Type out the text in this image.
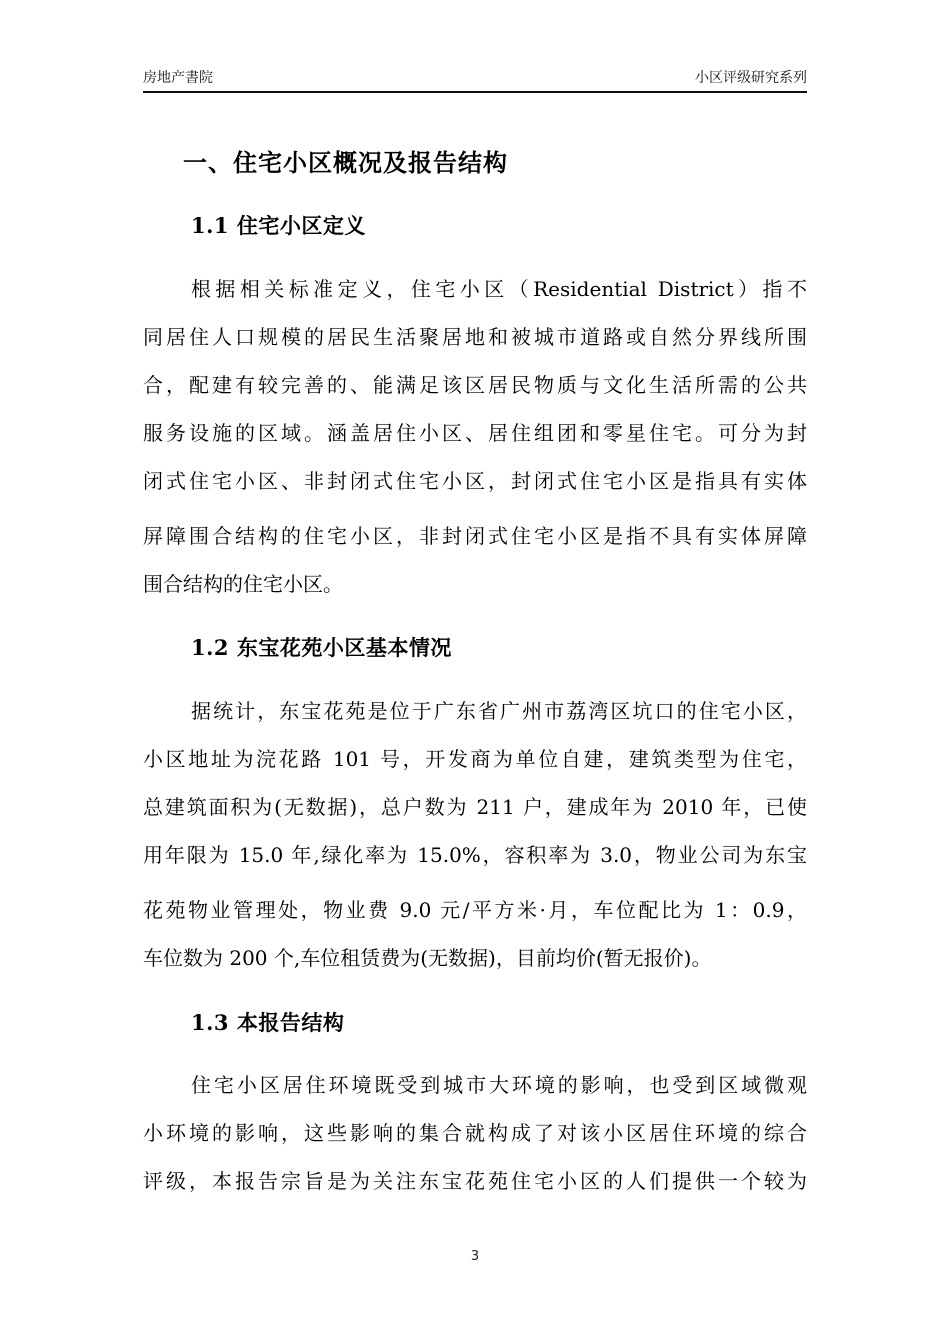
房地产書院	小区评级研究系列
一、住宅小区概况及报告结构
1.1 住宅小区定义
根据相关标准定义，住宅小区（Residential District）指不
同居住人口规模的居民生活聚居地和被城市道路或自然分界线所围
合，配建有较完善的、能满足该区居民物质与文化生活所需的公共
服务设施的区域。涵盖居住小区、居住组团和零星住宅。可分为封
闭式住宅小区、非封闭式住宅小区，封闭式住宅小区是指具有实体
屏障围合结构的住宅小区，非封闭式住宅小区是指不具有实体屏障
围合结构的住宅小区。
1.2 东宝花苑小区基本情况
据统计，东宝花苑是位于广东省广州市荔湾区坑口的住宅小区，
小区地址为浣花路 101 号，开发商为单位自建，建筑类型为住宅，
总建筑面积为(无数据)，总户数为 211 户，建成年为 2010 年，已使
用年限为 15.0 年,绿化率为 15.0%，容积率为 3.0，物业公司为东宝
花苑物业管理处，物业费 9.0 元/平方米·月，车位配比为 1：0.9，
车位数为 200 个,车位租赁费为(无数据)，目前均价(暂无报价)。
1.3 本报告结构
住宅小区居住环境既受到城市大环境的影响，也受到区域微观
小环境的影响，这些影响的集合就构成了对该小区居住环境的综合
评级，本报告宗旨是为关注东宝花苑住宅小区的人们提供一个较为
3
